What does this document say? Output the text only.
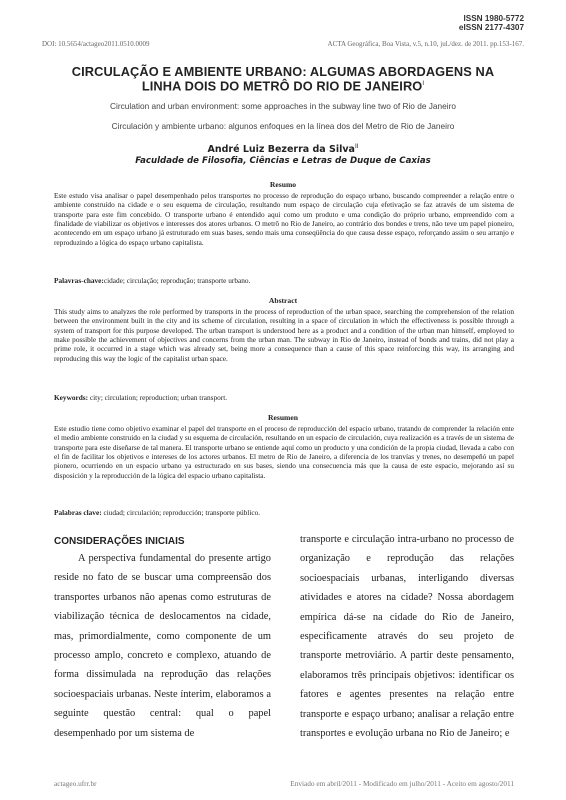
ISSN 1980-5772
eISSN 2177-4307
DOI: 10.5654/actageo2011.0510.0009	ACTA Geográfica, Boa Vista, v.5, n.10, jul./dez. de 2011. pp.153-167.
CIRCULAÇÃO E AMBIENTE URBANO: ALGUMAS ABORDAGENS NA
LINHA DOIS DO METRÔ DO RIO DE $JANEIRO^I$
Circulation and urban environment: some approaches in the subway line two of Rio de Janeiro
Circulación y ambiente urbano: algunos enfoques en la línea dos del Metro de Rio de Janeiro
André Luiz Bezerra da Silva$^{II}$
Faculdade de Filosofia, Ciências e Letras de Duque de Caxias
Resumo
Este estudo visa analisar o papel desempenhado pelos transportes no processo de reprodução do espaço urbano, buscando compreender a relação entre o ambiente construído na cidade e o seu esquema de circulação, resultando num espaço de circulação cuja efetivação se faz através de um sistema de transporte para este fim concebido. O transporte urbano é entendido aqui como um produto e uma condição do próprio urbano, empreendido com a finalidade de viabilizar os objetivos e interesses dos atores urbanos. O metrô no Rio de Janeiro, ao contrário dos bondes e trens, não teve um papel pioneiro, acontecendo em um espaço urbano já estruturado em suas bases, sendo mais uma conseqüência do que causa desse espaço, reforçando assim o seu arranjo e reproduzindo a lógica do espaço urbano capitalista.
Palavras-chave:cidade; circulação; reprodução; transporte urbano.
Abstract
This study aims to analyzes the role performed by transports in the process of reproduction of the urban space, searching the comprehension of the relation between the environment built in the city and its scheme of circulation, resulting in a space of circulation in which the effectiveness is possible through a system of transport for this purpose developed. The urban transport is understood here as a product and a condition of the urban man himself, employed to make possible the achievement of objectives and concerns from the urban man. The subway in Rio de Janeiro, instead of bonds and trains, did not play a prime role, it occurred in a stage which was already set, being more a consequence than a cause of this space reinforcing this way, its arranging and reproducing this way the logic of the capitalist urban space.
Keywords: city; circulation; reproduction; urban transport.
Resumen
Este estudio tiene como objetivo examinar el papel del transporte en el proceso de reproducción del espacio urbano, tratando de comprender la relación ente el medio ambiente construido en la ciudad y su esquema de circulación, resultando en un espacio de circulación, cuya realización es a través de un sistema de transporte para este diseñarse de tal manera. El transporte urbano se entiende aquí como un producto y una condición de la propia ciudad, llevada a cabo con el fin de facilitar los objetivos e intereses de los actores urbanos. El metro de Rio de Janeiro, a diferencia de los tranvías y trenes, no desempeñó un papel pionero, ocurriendo en un espacio urbano ya estructurado en sus bases, siendo una consecuencia más que la causa de este espacio, mejorando así su disposición y la reproducción de la lógica del espacio urbano capitalista.
Palabras clave: ciudad; circulación; reproducción; transporte público.
CONSIDERAÇÕES INICIAIS
A perspectiva fundamental do presente artigo reside no fato de se buscar uma compreensão dos transportes urbanos não apenas como estruturas de viabilização técnica de deslocamentos na cidade, mas, primordialmente, como componente de um processo amplo, concreto e complexo, atuando de forma dissimulada na reprodução das relações socioespaciais urbanas. Neste ínterim, elaboramos a seguinte questão central: qual o papel desempenhado por um sistema de
transporte e circulação intra-urbano no processo de organização e reprodução das relações socioespaciais urbanas, interligando diversas atividades e atores na cidade? Nossa abordagem empírica dá-se na cidade do Rio de Janeiro, especificamente através do seu projeto de transporte metroviário. A partir deste pensamento, elaboramos três principais objetivos: identificar os fatores e agentes presentes na relação entre transporte e espaço urbano; analisar a relação entre transportes e evolução urbana no Rio de Janeiro; e
actageo.ufrr.br	Enviado em abril/2011 - Modificado em julho/2011 - Aceito em agosto/2011
